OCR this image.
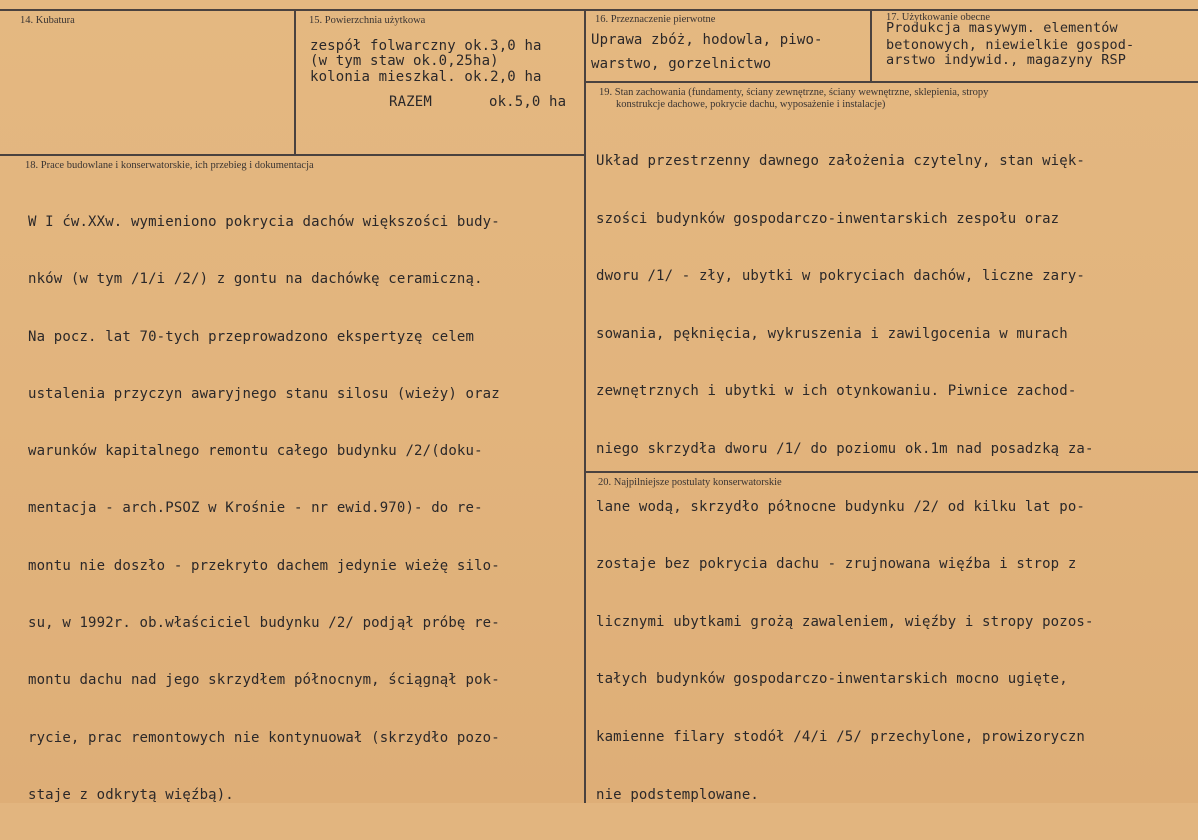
14. Kubatura	15. Powierzchnia użytkowa
zespół folwarczny ok.3,0 ha
(w tym staw ok.0,25ha)
kolonia mieszkal. ok.2,0 ha
RAZEM	ok.5,0 ha
16. Przeznaczenie pierwotne
Uprawa zbóż, hodowla, piwo-
warstwo, gorzelnictwo
17. Użytkowanie obecne
Produkcja masywym. elementów
betonowych, niewielkie gospod-
arstwo indywid., magazyny RSP
18. Prace budowlane i konserwatorskie, ich przebieg i dokumentacja

W I ćw.XXw. wymieniono pokrycia dachów większości budy-

nków (w tym /1/i /2/) z gontu na dachówkę ceramiczną.

Na pocz. lat 70-tych przeprowadzono ekspertyzę celem

ustalenia przyczyn awaryjnego stanu silosu (wieży) oraz

warunków kapitalnego remontu całego budynku /2/(doku-

mentacja - arch.PSOZ w Krośnie - nr ewid.970)- do re-

montu nie doszło - przekryto dachem jedynie wieżę silo-

su, w 1992r. ob.właściciel budynku /2/ podjął próbę re-

montu dachu nad jego skrzydłem północnym, ściągnął pok-

rycie, prac remontowych nie kontynuował (skrzydło pozo-

staje z odkrytą więźbą).

19. Stan zachowania (fundamenty, ściany zewnętrzne, ściany wewnętrzne, sklepienia, stropy
konstrukcje dachowe, pokrycie dachu, wyposażenie i instalacje)

Układ przestrzenny dawnego założenia czytelny, stan więk-

szości budynków gospodarczo-inwentarskich zespołu oraz

dworu /1/ - zły, ubytki w pokryciach dachów, liczne zary-

sowania, pęknięcia, wykruszenia i zawilgocenia w murach

zewnętrznych i ubytki w ich otynkowaniu. Piwnice zachod-

niego skrzydła dworu /1/ do poziomu ok.1m nad posadzką za-

lane wodą, skrzydło północne budynku /2/ od kilku lat po-

zostaje bez pokrycia dachu - zrujnowana więźba i strop z

licznymi ubytkami grożą zawaleniem, więźby i stropy pozos-

tałych budynków gospodarczo-inwentarskich mocno ugięte,

kamienne filary stodół /4/i /5/ przechylone, prowizoryczn

nie podstemplowane.

20. Najpilniejsze postulaty konserwatorskie
